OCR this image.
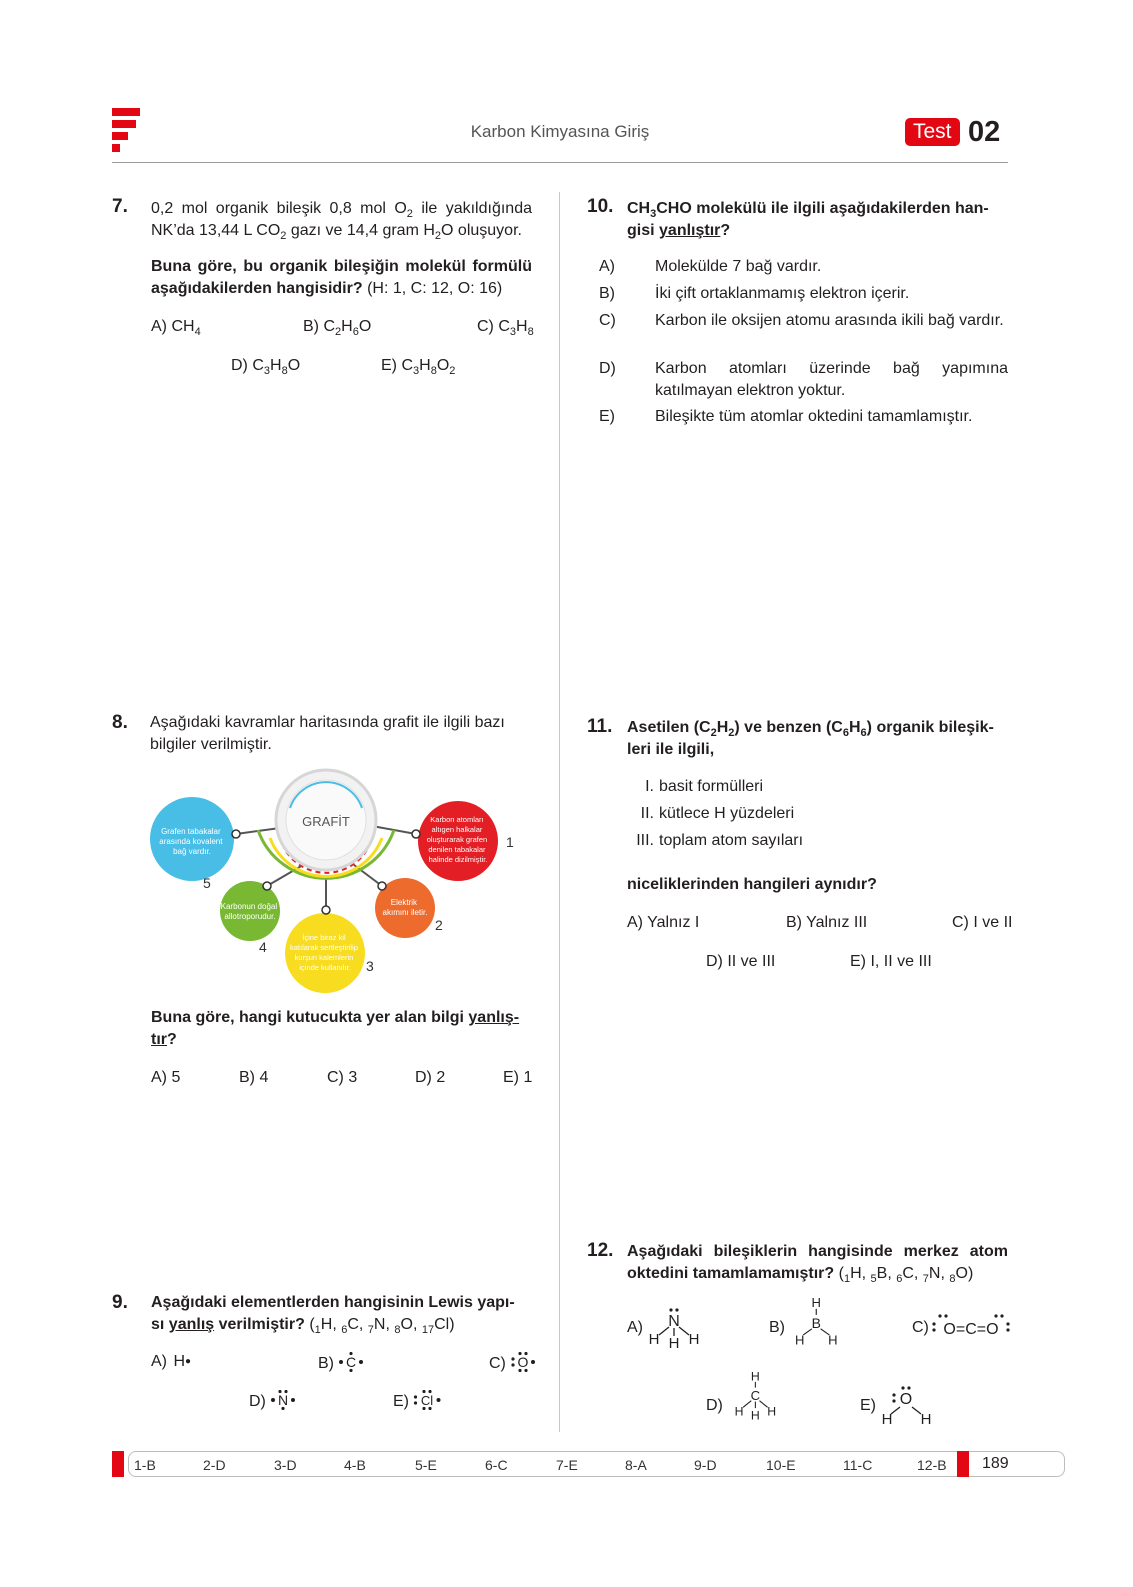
Karbon Kimyasına Giriş	Test 02
7. 0,2 mol organik bileşik 0,8 mol $O_2$ ile yakıldığında NK’da 13,44 L $CO_2$ gazı ve 14,4 gram $H_2O$ oluşuyor.
Buna göre, bu organik bileşiğin molekül formülü aşağıdakilerden hangisidir? (H: 1, C: 12, O: 16)
A) $CH_4$	B) $C_2H_6O$	C) $C_3H_8$
D) $C_3H_8O$	E) $C_3H_8O_2$
8. Aşağıdaki kavramlar haritasında grafit ile ilgili bazı bilgiler verilmiştir.
GRAFİT
Grafen tabakalar arasında kovalent bağ vardır.
5
Karbon atomları altıgen halkalar oluşturarak grafen denilen tabakalar halinde dizilmiştir.
1
Karbonun doğal allotroporudur.
4
Elektrik akımını iletir.
2
İçine biraz kil katılarak sertleştirilip kurşun kalemlerin içinde kullanılır.	3
Buna göre, hangi kutucukta yer alan bilgi yanlış-
tır?
A) 5	B) 4	C) 3	D) 2	E) 1
9. Aşağıdaki elementlerden hangisinin Lewis yapı-
sı yanlış verilmiştir? ($_1H$, $_6$C, $_7$N, $_8$O, $_{17}$Cl)
A) H●	B) C	C) O
D) N	E) Cl
10. $CH_3CHO$ molekülü ile ilgili aşağıdakilerden han-
gisi yanlıştır?
A)	Molekülde 7 bağ vardır.
B)	İki çift ortaklanmamış elektron içerir.
C) Karbon ile oksijen atomu arasında ikili bağ vardır.
D) Karbon atomları üzerinde bağ yapımına katılmayan elektron yoktur.
E)	Bileşikte tüm atomlar oktedini tamamlamıştır.
11. Asetilen $(C_2H_2)$ ve benzen $(C_6H_6)$ organik bileşik-
leri ile ilgili,
I. basit formülleri
II. kütlece H yüzdeleri
III. toplam atom sayıları
niceliklerinden hangileri aynıdır?
A) Yalnız I	B) Yalnız III	C) I ve II
D) II ve III	E) I, II ve III
12. Aşağıdaki bileşiklerin hangisinde merkez atom oktedini tamamlamamıştır? ($_1H$, $_5$B, $_6$C, $_7$N, $_8$O)
A) N
H H H
B)
H
B
H H
C) O=C=O
D)
H
C
H H H	E) O
H H
1-B	2-D	3-D	4-B	5-E	6-C	7-E	8-A	9-D	10-E	11-C	12-B 189
